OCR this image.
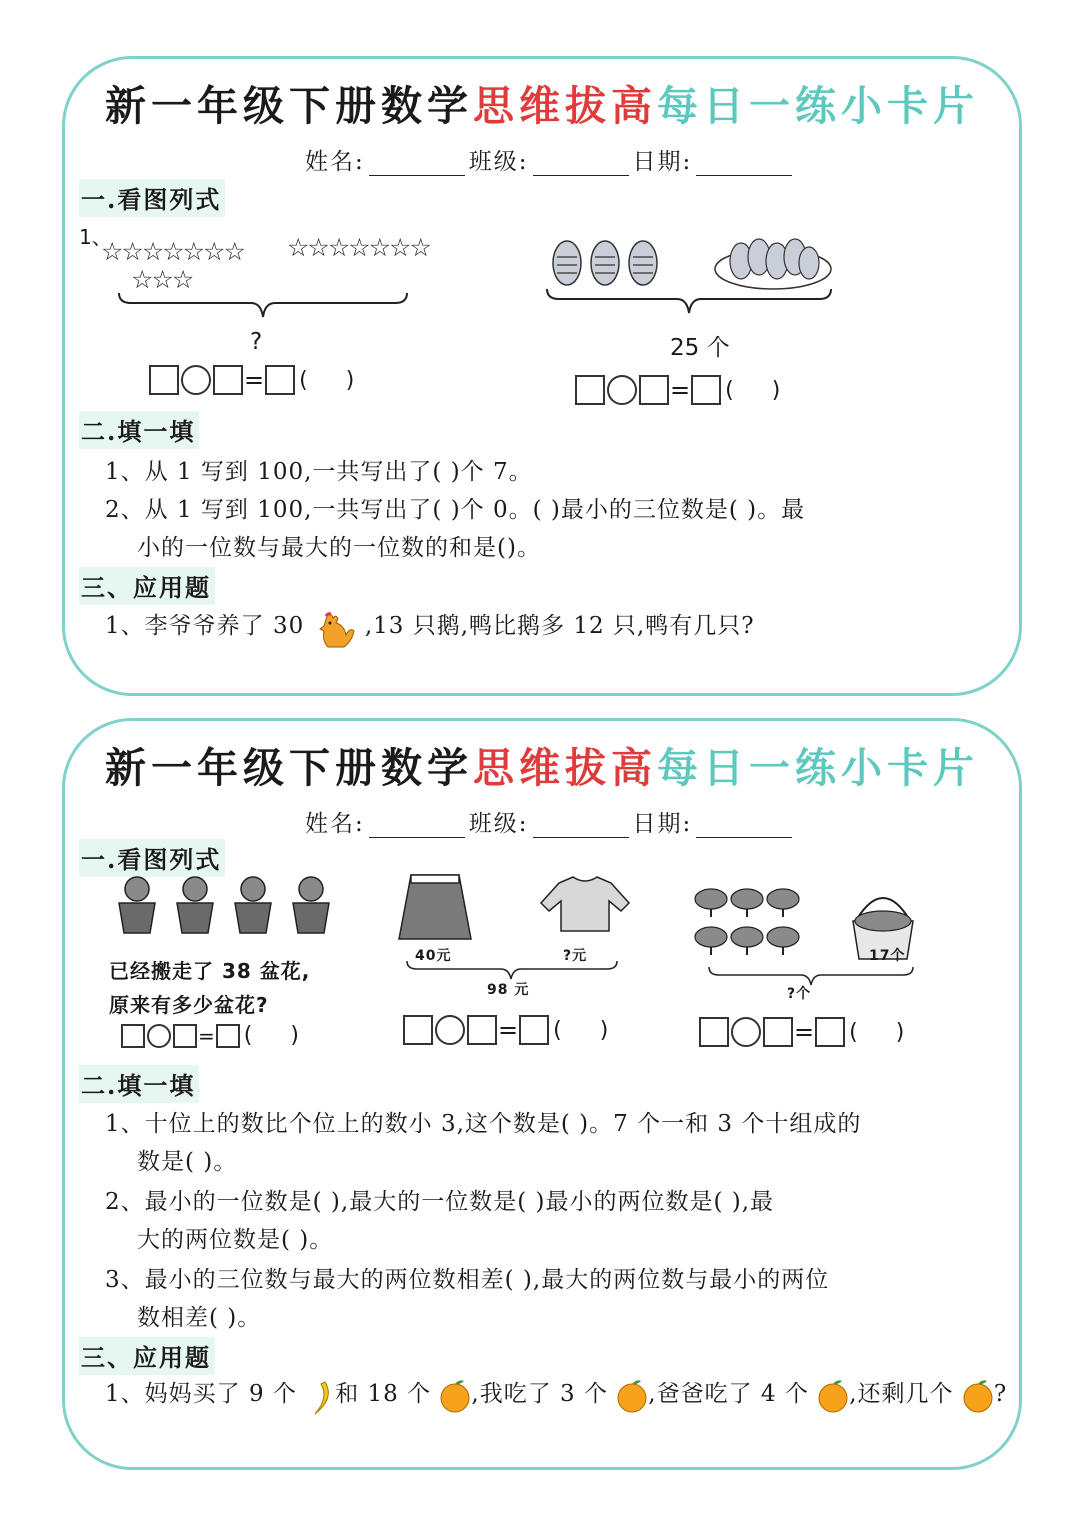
新一年级下册数学思维拔高每日一练小卡片
姓名:	班级:	日期:
一.看图列式
1、
☆☆☆☆☆☆☆
☆☆☆
☆☆☆☆☆☆☆
?
= ()
25 个
= ()
二.填一填
1、从 1 写到 100,一共写出了( )个 7。
2、从 1 写到 100,一共写出了( )个 0。( )最小的三位数是( )。最
小的一位数与最大的一位数的和是()。
三、应用题
1、李爷爷养了 30	,13 只鹅,鸭比鹅多 12 只,鸭有几只?
新一年级下册数学思维拔高每日一练小卡片
姓名:	班级:	日期:
一.看图列式
已经搬走了 38 盆花,
原来有多少盆花?
= ()
40元	?元
98 元
= ()
17个
?个
= ()
二.填一填
1、十位上的数比个位上的数小 3,这个数是( )。7 个一和 3 个十组成的
数是( )。
2、最小的一位数是( ),最大的一位数是( )最小的两位数是( ),最
大的两位数是( )。
3、最小的三位数与最大的两位数相差( ),最大的两位数与最小的两位
数相差( )。
三、应用题
1、妈妈买了 9 个 和 18 个 ,我吃了 3 个 ,爸爸吃了 4 个 ,还剩几个 ?
